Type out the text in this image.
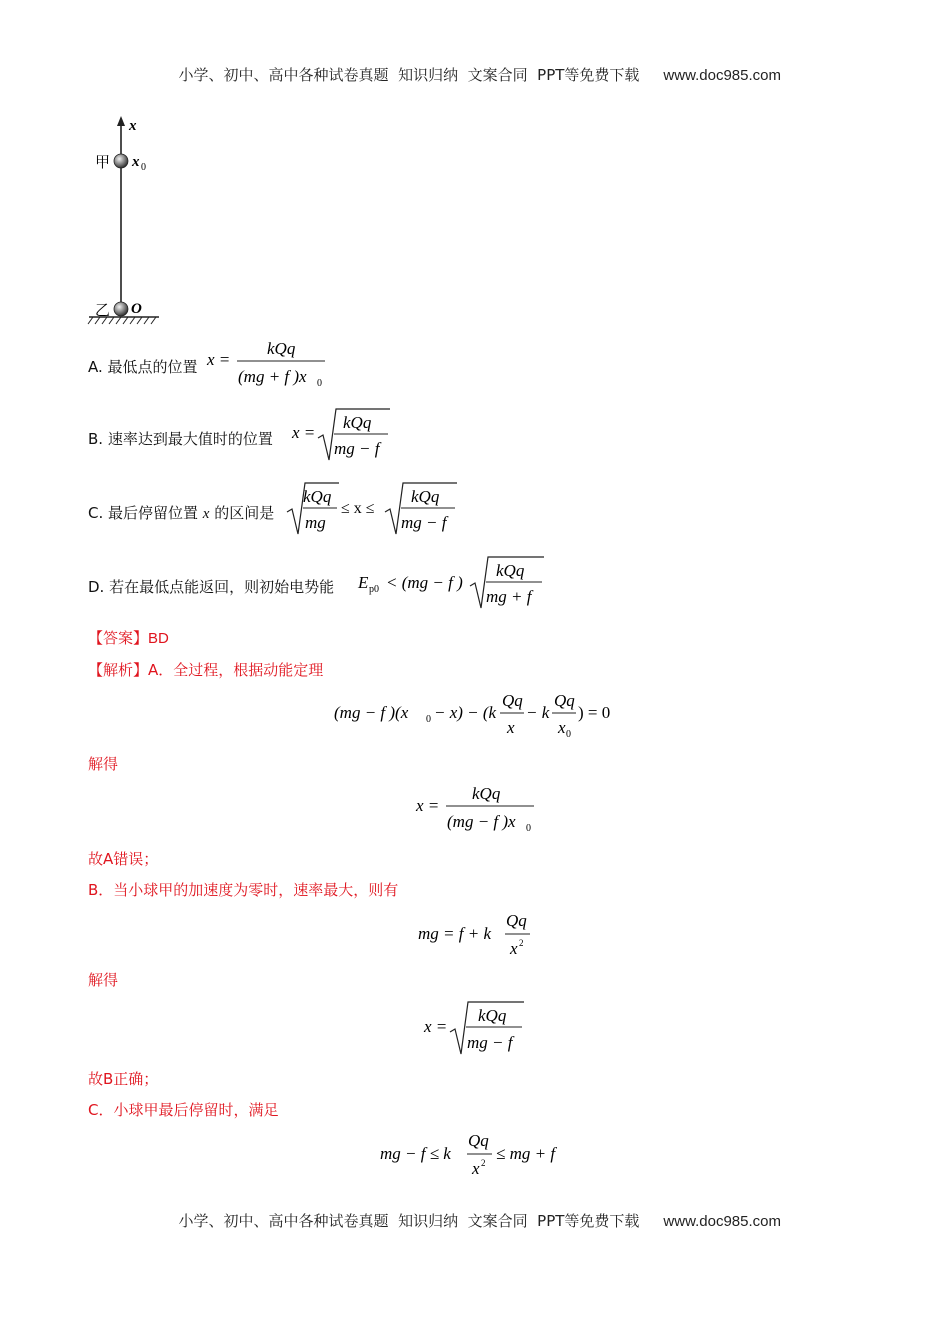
小学、初中、高中各种试卷真题  知识归纳  文案合同  PPT等免费下载 www.doc985.com

x
甲 x 0
乙 O
A. 最低点的位置 x =
kQq
(mg + f )x 0
B. 速率达到最大值时的位置 x =
kQq
mg − f
C. 最后停留位置 x 的区间是
kQq
mg
≤ x ≤
kQq
mg − f
D. 若在最低点能返回，则初始电势能 E p0 < (mg − f )
kQq
mg + f
【答案】BD
【解析】A．全过程，根据动能定理
(mg − f )(x 0 − x) − (k
Qq
x
− k
Qq
x 0
) = 0
解得
x =
kQq
(mg − f )x 0
故A错误；
B．当小球甲的加速度为零时，速率最大，则有
mg = f + k
Qq
x 2
解得
x =
kQq
mg − f
故B正确；
C．小球甲最后停留时，满足
mg − f ≤ k
Qq
x 2 ≤ mg + f

小学、初中、高中各种试卷真题  知识归纳  文案合同  PPT等免费下载 www.doc985.com
